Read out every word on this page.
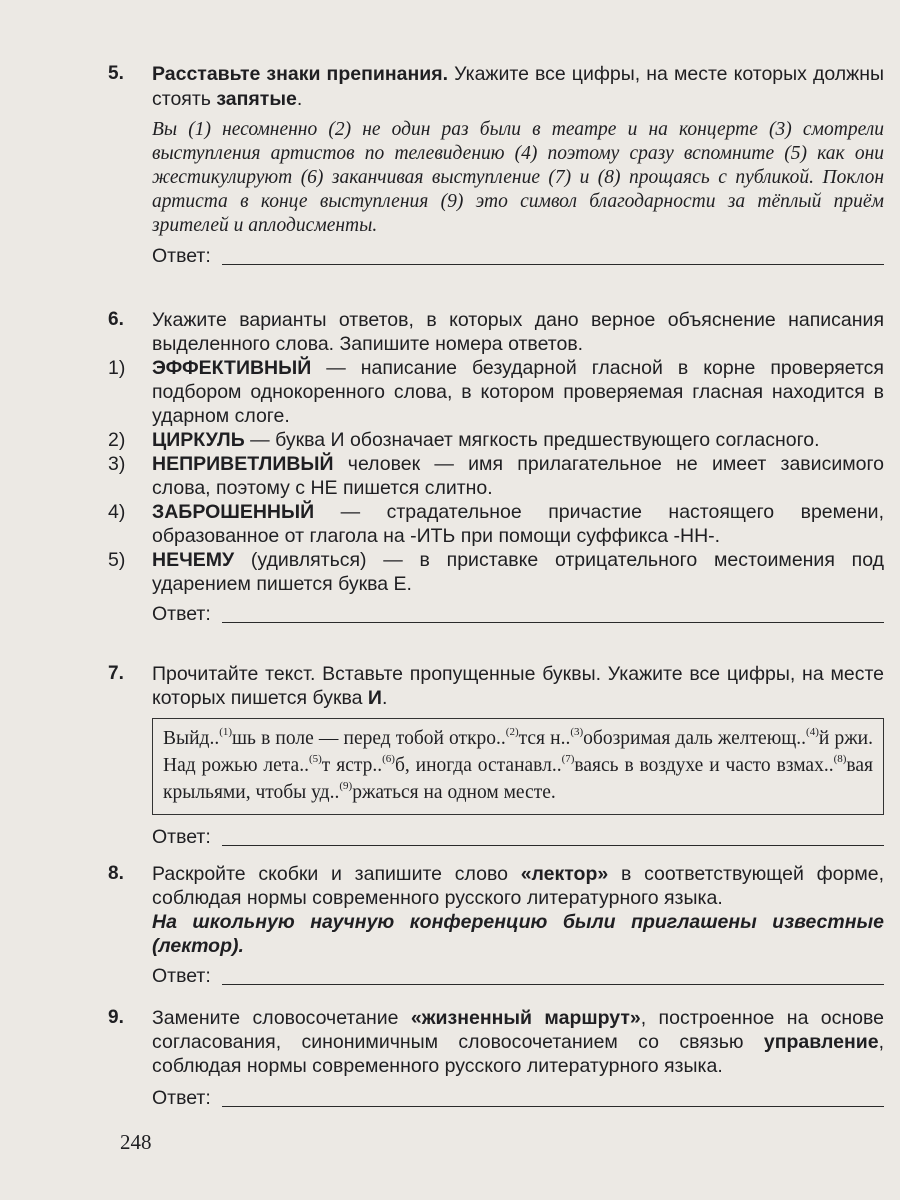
5. Расставьте знаки препинания. Укажите все цифры, на месте которых должны стоять запятые.
Вы (1) несомненно (2) не один раз были в театре и на концерте (3) смотрели выступления артистов по телевидению (4) поэтому сразу вспомните (5) как они жестикулируют (6) заканчивая выступление (7) и (8) прощаясь с публикой. Поклон артиста в конце выступления (9) это символ благодарности за тёплый приём зрителей и аплодисменты.
Ответ:
6. Укажите варианты ответов, в которых дано верное объяснение написания выделенного слова. Запишите номера ответов.
1) ЭФФЕКТИВНЫЙ — написание безударной гласной в корне проверяется подбором однокоренного слова, в котором проверяемая гласная находится в ударном слоге.
2) ЦИРКУЛЬ — буква И обозначает мягкость предшествующего согласного.
3) НЕПРИВЕТЛИВЫЙ человек — имя прилагательное не имеет зависимого слова, поэтому с НЕ пишется слитно.
4) ЗАБРОШЕННЫЙ — страдательное причастие настоящего времени, образованное от глагола на -ИТЬ при помощи суффикса -НН-.
5) НЕЧЕМУ (удивляться) — в приставке отрицательного местоимения под ударением пишется буква Е.
Ответ:
7. Прочитайте текст. Вставьте пропущенные буквы. Укажите все цифры, на месте которых пишется буква И.
Выйд..$^{(1)}$шь в поле — перед тобой откро..$^{(2)}$тся н..$^{(3)}$обозримая даль желтеющ..$^{(4)}$й ржи. Над рожью лета..$^{(5)}$т ястр..$^{(6)}$б, иногда останавл..$^{(7)}$ваясь в воздухе и часто взмах..$^{(8)}$вая крыльями, чтобы уд..$^{(9)}$ржаться на одном месте.
Ответ:
8. Раскройте скобки и запишите слово «лектор» в соответствующей форме, соблюдая нормы современного русского литературного языка.
На школьную научную конференцию были приглашены известные (лектор).
Ответ:
9. Замените словосочетание «жизненный маршрут», построенное на основе согласования, синонимичным словосочетанием со связью управление, соблюдая нормы современного русского литературного языка.
Ответ:
248
